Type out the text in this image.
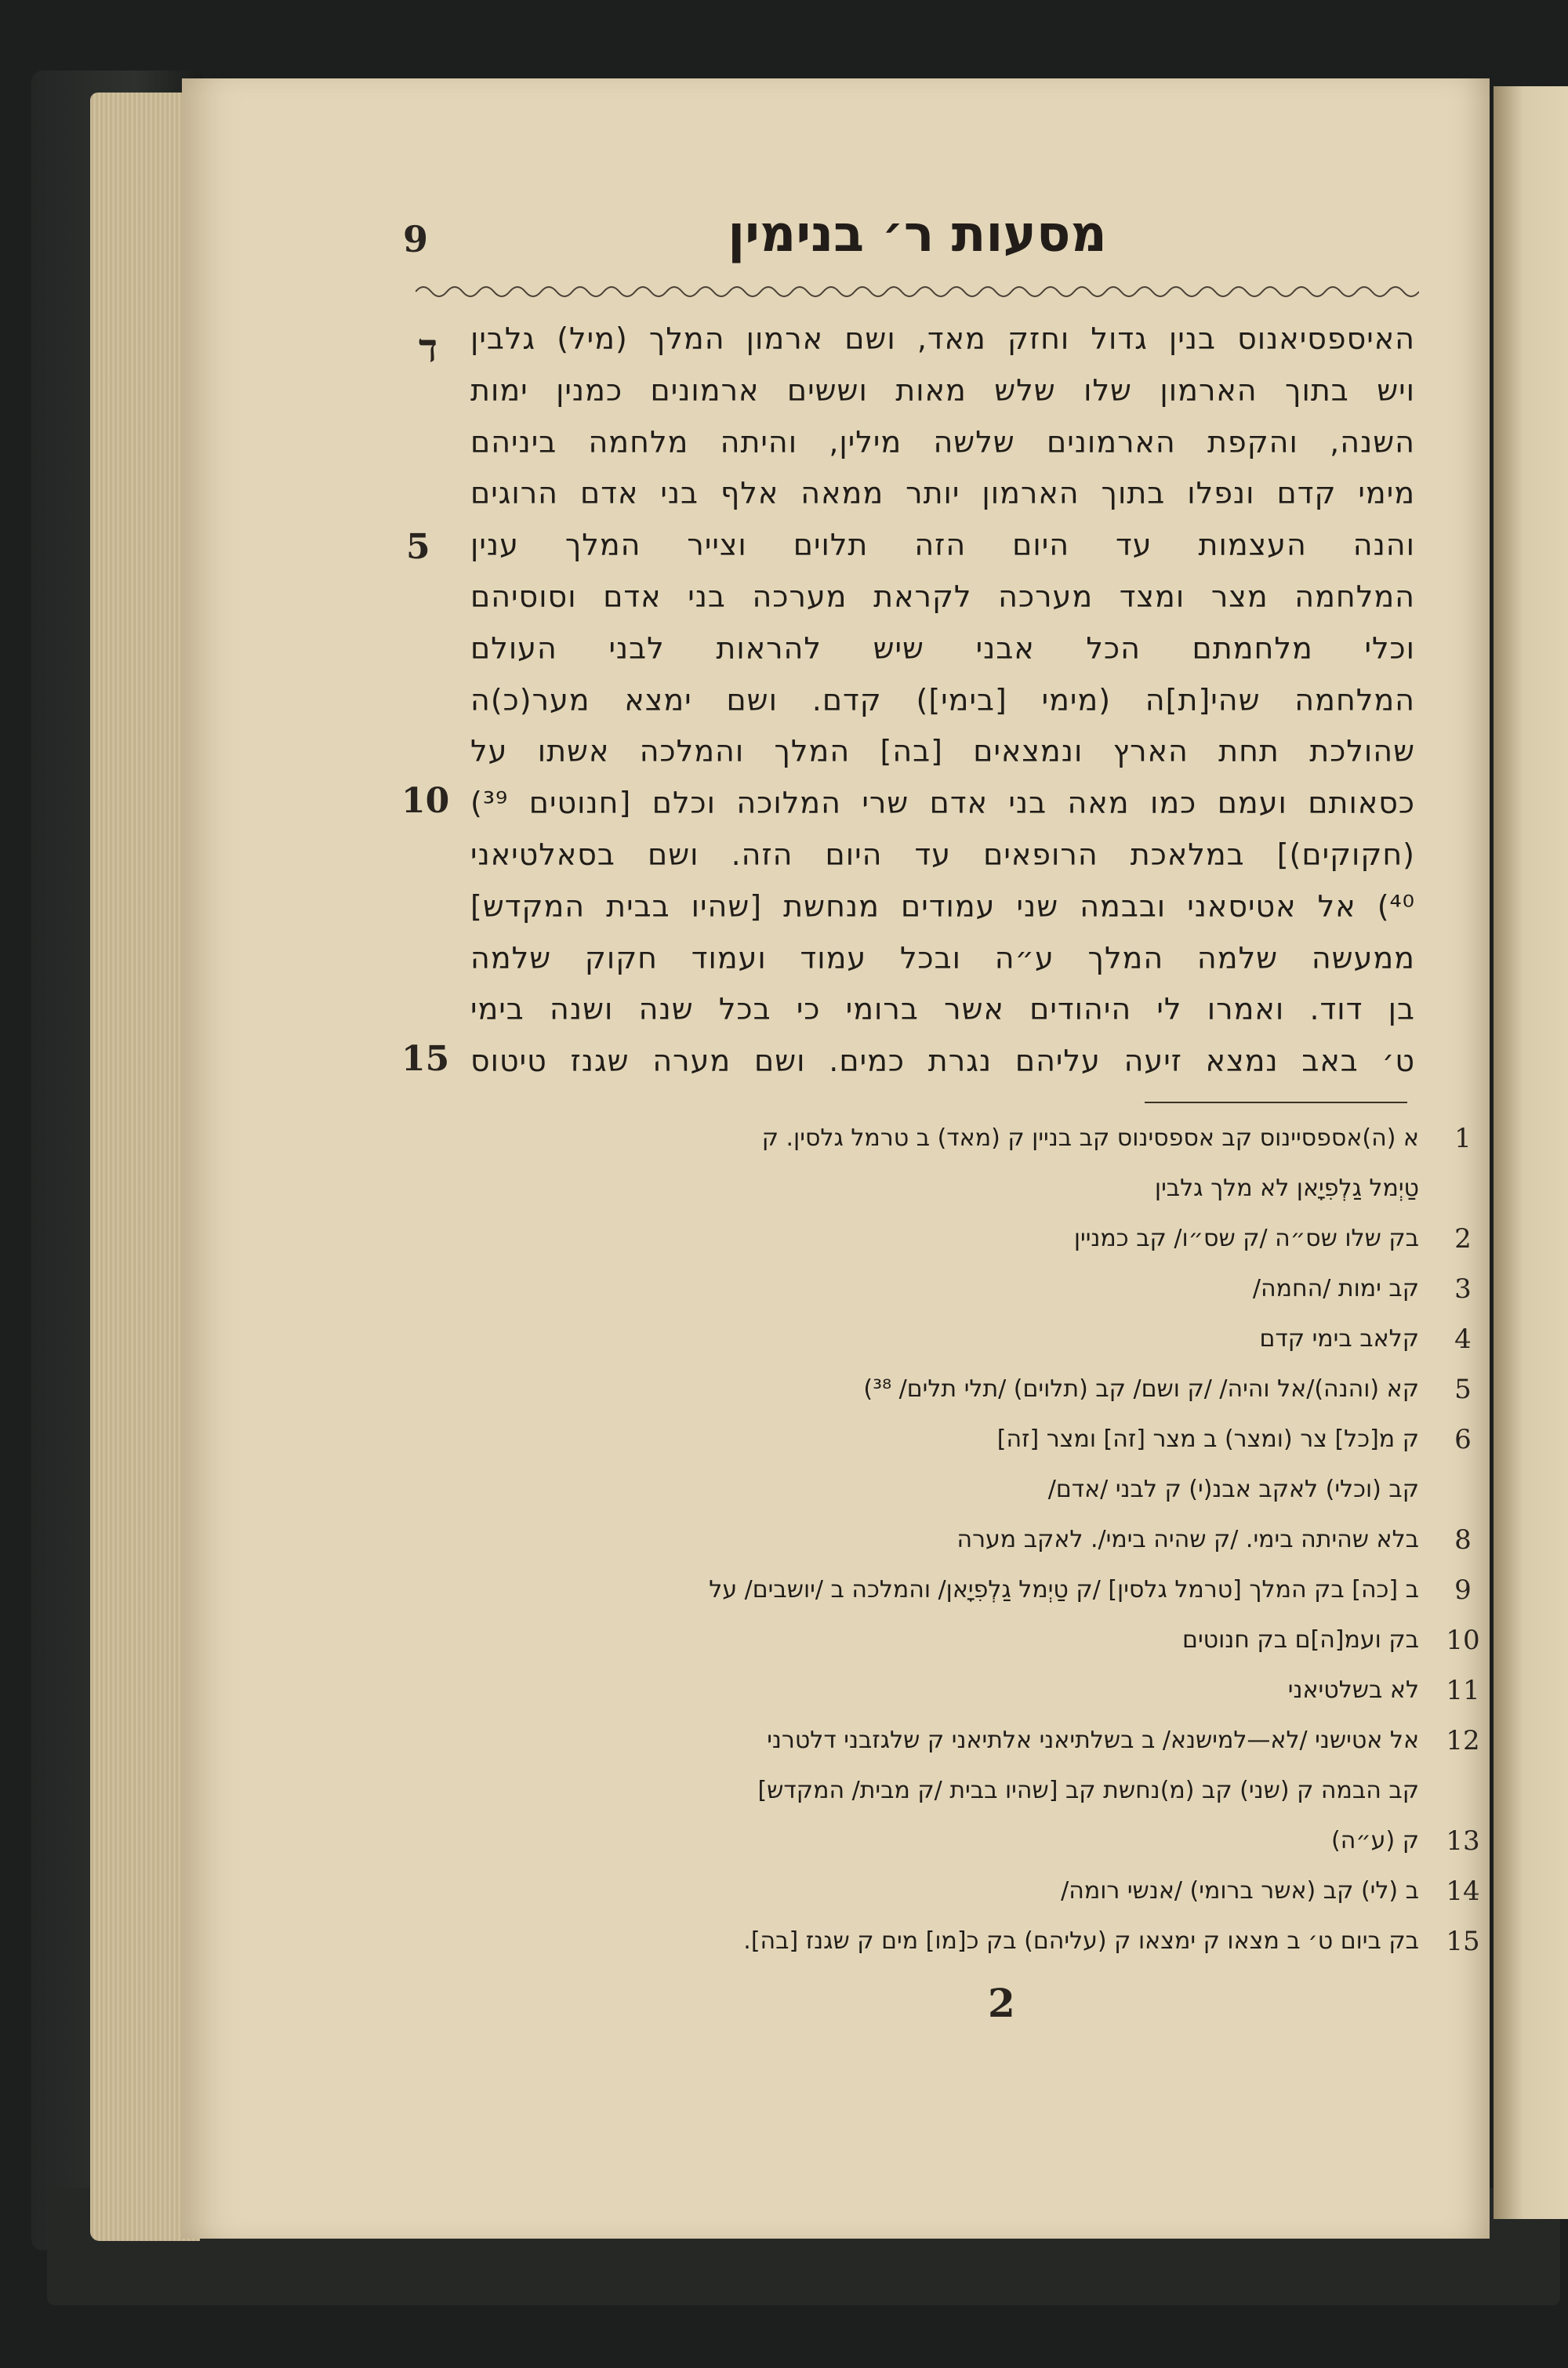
9	מסעות ר׳ בנימין
ד
5
10
15
האיספסיאנוס בנין גדול וחזק מאד, ושם ארמון המלך (מיל) גלבין
ויש בתוך הארמון שלו שלש מאות וששים ארמונים כמנין ימות
השנה, והקפת הארמונים שלשה מילין, והיתה מלחמה ביניהם
מימי קדם ונפלו בתוך הארמון יותר ממאה אלף בני אדם הרוגים
והנה העצמות עד היום הזה תלוים וצייר המלך ענין
המלחמה מצר ומצד מערכה לקראת מערכה בני אדם וסוסיהם
וכלי מלחמתם הכל אבני שיש להראות לבני העולם
המלחמה שהי[ת]ה (מימי [בימי]) קדם. ושם ימצא מער(כ)ה
שהולכת תחת הארץ ונמצאים [בה] המלך והמלכה אשתו על
כסאותם ועמם כמו מאה בני אדם שרי המלוכה וכלם [חנוטים ³⁹)
(חקוקים)] במלאכת הרופאים עד היום הזה. ושם בסאלטיאני
⁴⁰) אל אטיסאני ובבמה שני עמודים מנחשת [שהיו בבית המקדש]
ממעשה שלמה המלך ע״ה ובכל עמוד ועמוד חקוק שלמה
בן דוד. ואמרו לי היהודים אשר ברומי כי בכל שנה ושנה בימי
ט׳ באב נמצא זיעה עליהם נגרת כמים. ושם מערה שגנז טיטוס
1
א (ה)אספסיינוס קב אספסינוס קב בניין ק (מאד) ב טרמל גלסין. ק
טַיְמל גַלְפִיָאן לא מלך גלבין
2
בק שלו שס״ה /ק שס״ו/ קב כמניין
3
קב ימות /החמה/
4
קלאב בימי קדם
5
קא (והנה)/אל והיה/ /ק ושם/ קב (תלוים) /תלי תלים/ ³⁸)
6
ק מ[כל] צר (ומצר) ב מצר [זה] ומצר [זה]
קב (וכלי) לאקב אבנ(י) ק לבני /אדם/
8
בלא שהיתה בימי. /ק שהיה בימי/. לאקב מערה
9
ב [כה] בק המלך [טרמל גלסין] /ק טַיְמל גַלְפִיָאן/ והמלכה ב /יושבים/ על
10
בק ועמ[ה]ם בק חנוטים
11
לא בשלטיאני
12
אל אטישני /לא—למישנא/ ב בשלתיאני אלתיאני ק שלגזבני דלטרני
קב הבמה ק (שני) קב (מ)נחשת קב [שהיו בבית /ק מבית/ המקדש]
13
ק (ע״ה)
14
ב (לי) קב (אשר ברומי) /אנשי רומה/
15
בק ביום ט׳ ב מצאו ק ימצאו ק (עליהם) בק כ[מו] מים ק שגנז [בה].
2
